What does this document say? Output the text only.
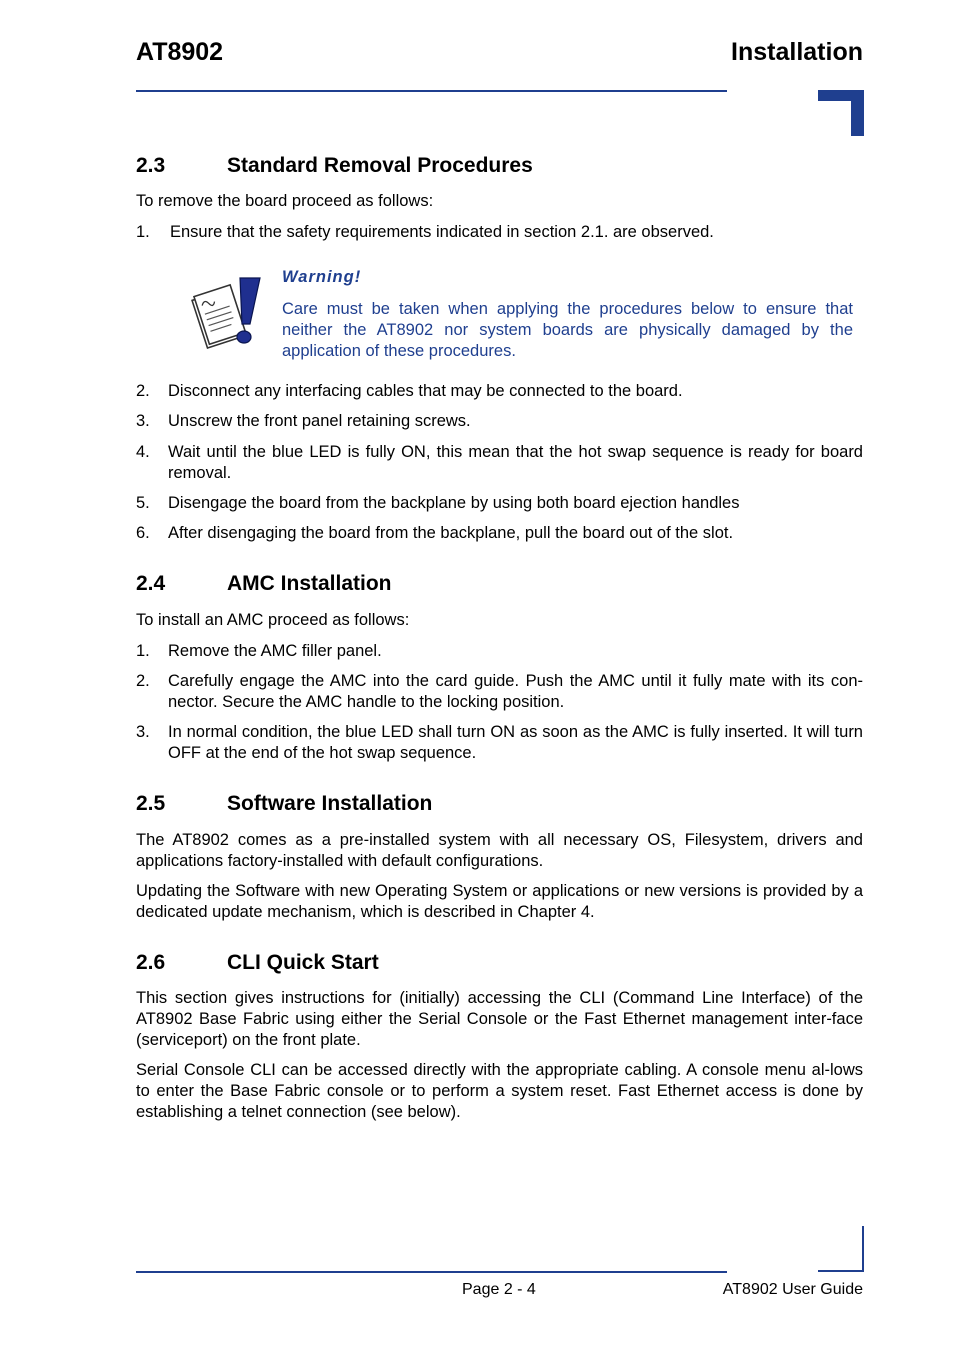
AT8902	Installation
2.3	Standard Removal Procedures

To remove the board proceed as follows:

1. Ensure that the safety requirements indicated in section 2.1. are observed.
Warning!

Care must be taken when applying the procedures below to ensure that neither the AT8902 nor system boards are physically damaged by the application of these procedures.

2. Disconnect any interfacing cables that may be connected to the board.
3. Unscrew the front panel retaining screws.
4. Wait until the blue LED is fully ON, this mean that the hot swap sequence is ready for board removal.
5. Disengage the board from the backplane by using both board ejection handles
6. After disengaging the board from the backplane, pull the board out of the slot.
2.4	AMC Installation

To install an AMC proceed as follows:

1. Remove the AMC filler panel.
2. Carefully engage the AMC into the card guide. Push the AMC until it fully mate with its con-nector. Secure the AMC handle to the locking position.
3. In normal condition, the blue LED shall turn ON as soon as the AMC is fully inserted. It will turn OFF at the end of the hot swap sequence.
2.5	Software Installation

The AT8902 comes as a pre-installed system with all necessary OS, Filesystem, drivers and applications factory-installed with default configurations.

Updating the Software with new Operating System or applications or new versions is provided by a dedicated update mechanism, which is described in Chapter 4.

2.6	CLI Quick Start

This section gives instructions for (initially) accessing the CLI (Command Line Interface) of the AT8902 Base Fabric using either the Serial Console or the Fast Ethernet management inter-face (serviceport) on the front plate.

Serial Console CLI can be accessed directly with the appropriate cabling. A console menu al-lows to enter the Base Fabric console or to perform a system reset. Fast Ethernet access is done by establishing a telnet connection (see below).

Page 2 - 4	AT8902 User Guide
